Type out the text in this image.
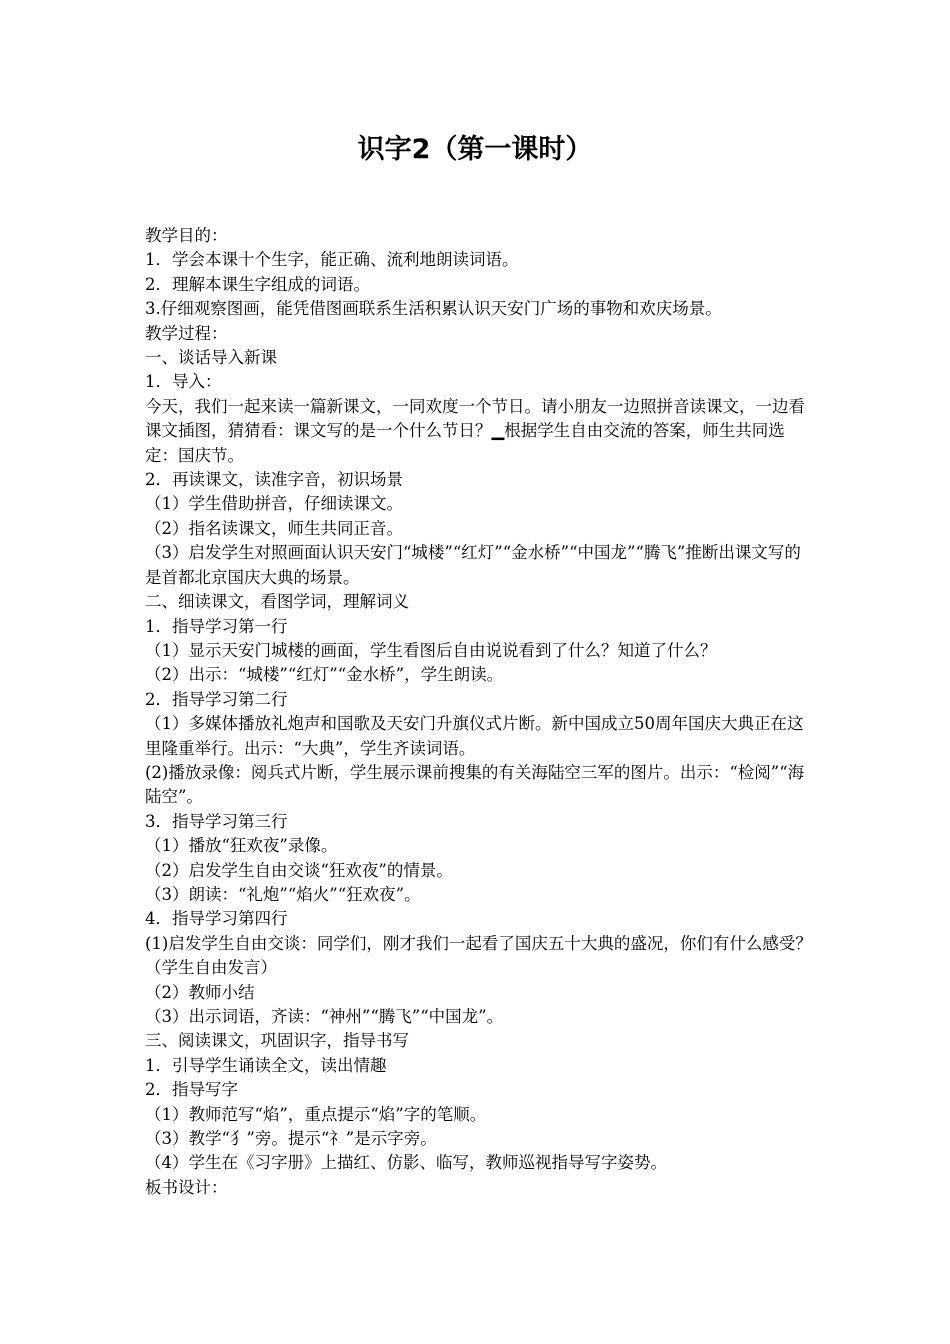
识字2（第一课时）

教学目的：

1．学会本课十个生字，能正确、流利地朗读词语。

2．理解本课生字组成的词语。

3.仔细观察图画，能凭借图画联系生活积累认识天安门广场的事物和欢庆场景。

教学过程：

一、谈话导入新课

1．导入：

今天，我们一起来读一篇新课文，一同欢度一个节日。请小朋友一边照拼音读课文，一边看课文插图，猜猜看：课文写的是一个什么节日？▁根据学生自由交流的答案，师生共同选定：国庆节。

2．再读课文，读准字音，初识场景

（1）学生借助拼音，仔细读课文。

（2）指名读课文，师生共同正音。

（3）启发学生对照画面认识天安门“城楼”“红灯”“金水桥”“中国龙”“腾飞”推断出课文写的是首都北京国庆大典的场景。

二、细读课文，看图学词，理解词义

1．指导学习第一行

（1）显示天安门城楼的画面，学生看图后自由说说看到了什么？知道了什么？

（2）出示：“城楼”“红灯”“金水桥”，学生朗读。

2．指导学习第二行

（1）多媒体播放礼炮声和国歌及天安门升旗仪式片断。新中国成立50周年国庆大典正在这里隆重举行。出示：“大典”，学生齐读词语。

(2)播放录像：阅兵式片断，学生展示课前搜集的有关海陆空三军的图片。出示：“检阅”“海陆空”。

3．指导学习第三行

（1）播放“狂欢夜”录像。

（2）启发学生自由交谈“狂欢夜”的情景。

（3）朗读：“礼炮”“焰火”“狂欢夜”。

4．指导学习第四行

(1)启发学生自由交谈：同学们，刚才我们一起看了国庆五十大典的盛况，你们有什么感受？（学生自由发言）

（2）教师小结

（3）出示词语，齐读：“神州”“腾飞”“中国龙”。

三、阅读课文，巩固识字，指导书写

1．引导学生诵读全文，读出情趣

2．指导写字

（1）教师范写“焰”，重点提示“焰”字的笔顺。

（3）教学“犭”旁。提示“礻”是示字旁。

（4）学生在《习字册》上描红、仿影、临写，教师巡视指导写字姿势。

板书设计：
